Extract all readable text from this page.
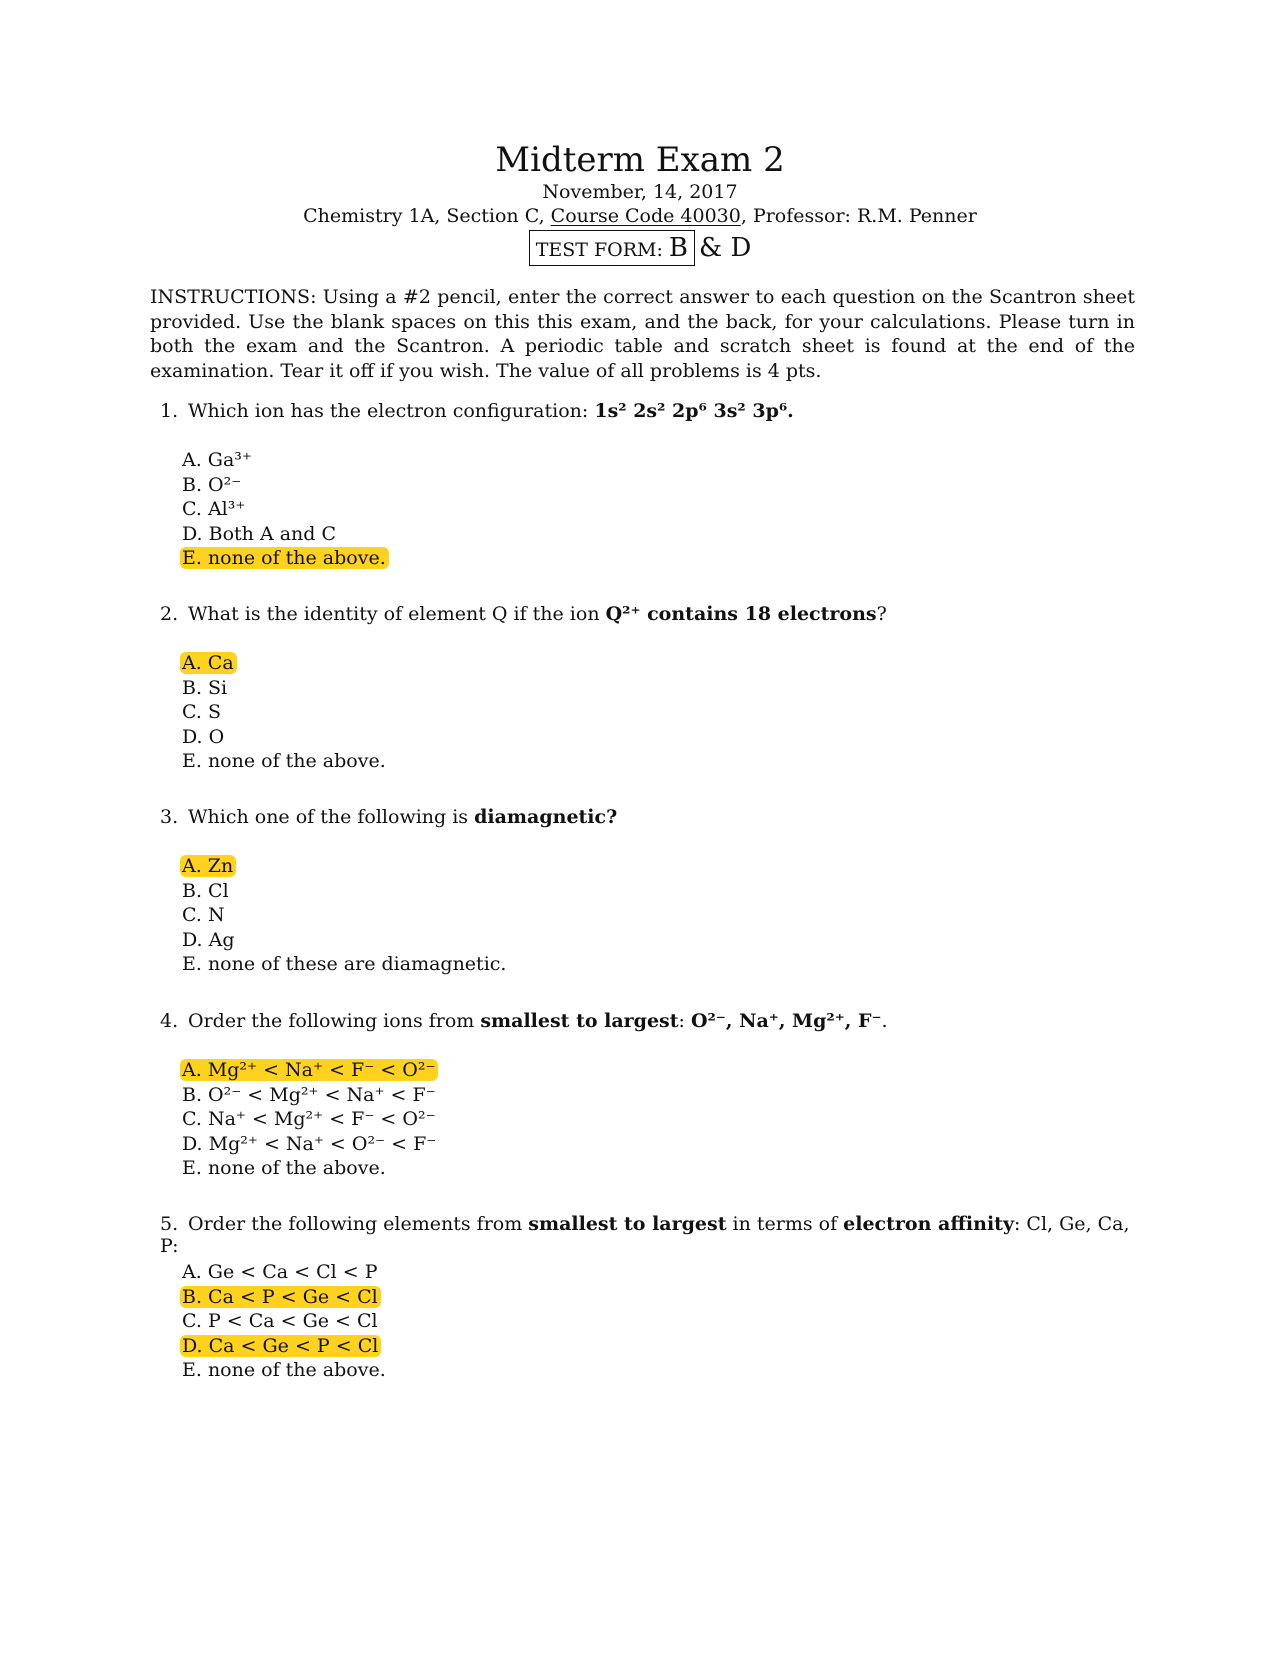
Midterm Exam 2
November, 14, 2017
Chemistry 1A, Section C, Course Code 40030, Professor: R.M. Penner
TEST FORM: B & D
INSTRUCTIONS: Using a #2 pencil, enter the correct answer to each question on the Scantron sheet provided. Use the blank spaces on this this exam, and the back, for your calculations. Please turn in both the exam and the Scantron. A periodic table and scratch sheet is found at the end of the examination. Tear it off if you wish. The value of all problems is 4 pts.
1. Which ion has the electron configuration: 1s² 2s² 2p⁶ 3s² 3p⁶.
A. Ga³⁺
B. O²⁻
C. Al³⁺
D. Both A and C
E. none of the above.
2. What is the identity of element Q if the ion Q²⁺ contains 18 electrons?
A. Ca
B. Si
C. S
D. O
E. none of the above.
3. Which one of the following is diamagnetic?
A. Zn
B. Cl
C. N
D. Ag
E. none of these are diamagnetic.
4. Order the following ions from smallest to largest: O²⁻, Na⁺, Mg²⁺, F⁻.
A. Mg²⁺ < Na⁺ < F⁻ < O²⁻
B. O²⁻ < Mg²⁺ < Na⁺ < F⁻
C. Na⁺ < Mg²⁺ < F⁻ < O²⁻
D. Mg²⁺ < Na⁺ < O²⁻ < F⁻
E. none of the above.
5. Order the following elements from smallest to largest in terms of electron affinity: Cl, Ge, Ca, P:
A. Ge < Ca < Cl < P
B. Ca < P < Ge < Cl
C. P < Ca < Ge < Cl
D. Ca < Ge < P < Cl
E. none of the above.
